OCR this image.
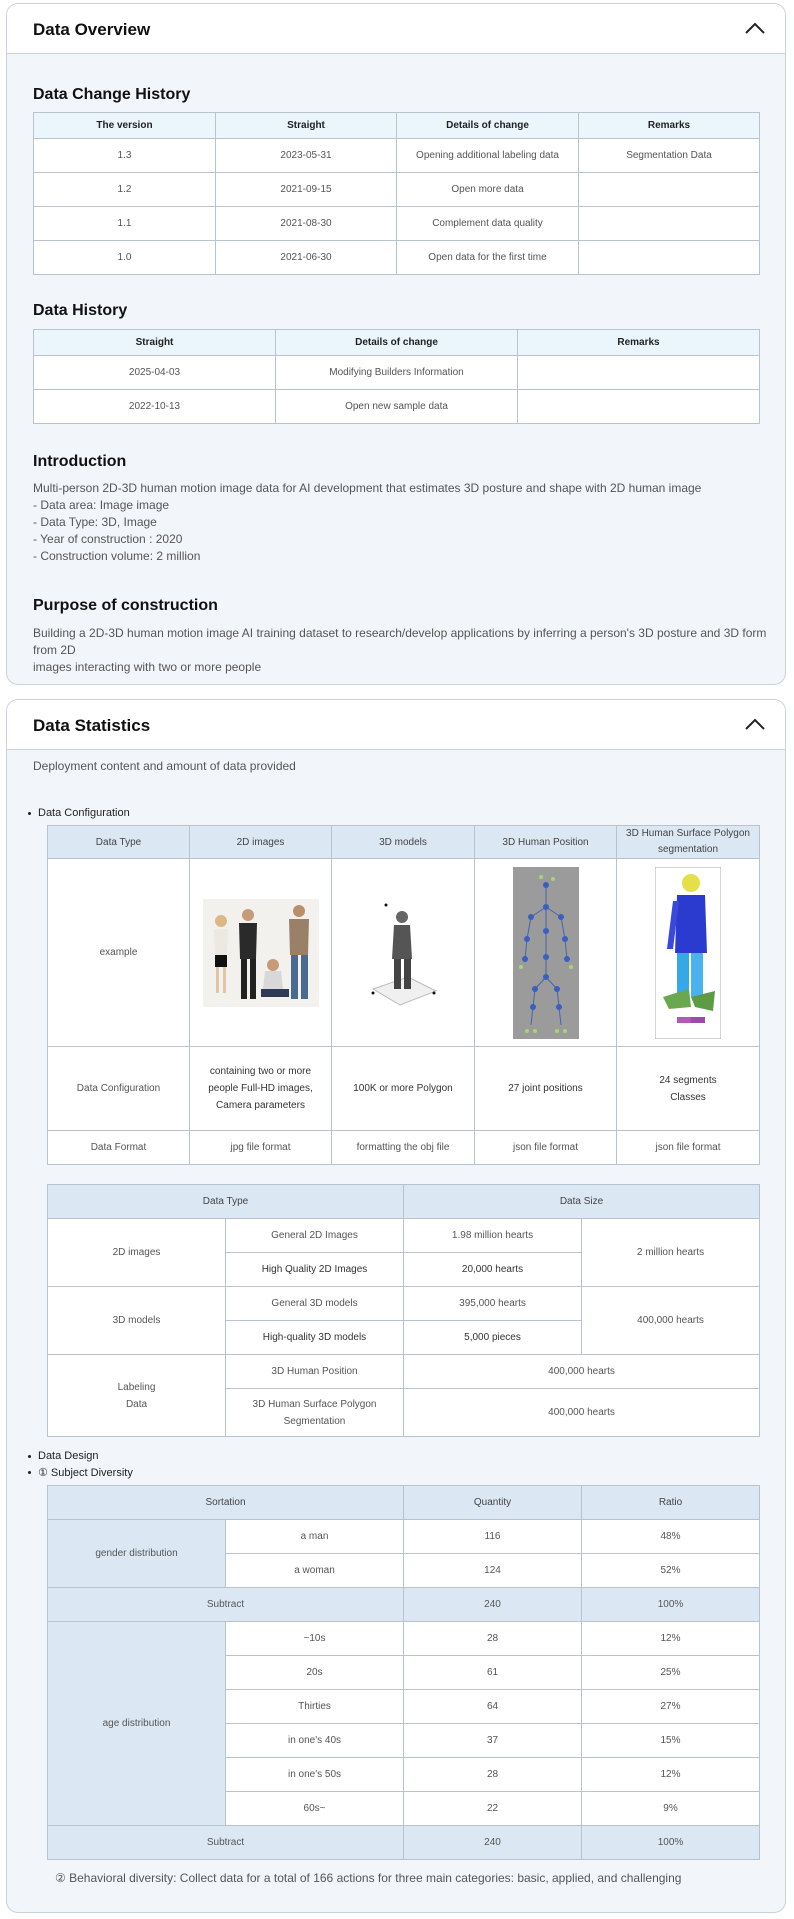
Data Overview
Data Change History
The version	Straight	Details of change	Remarks
1.3	2023-05-31	Opening additional labeling data	Segmentation Data
1.2	2021-09-15	Open more data	
1.1	2021-08-30	Complement data quality	
1.0	2021-06-30	Open data for the first time	
Data History
Straight	Details of change	Remarks
2025-04-03	Modifying Builders Information	
2022-10-13	Open new sample data	
Introduction
Multi-person 2D-3D human motion image data for AI development that estimates 3D posture and shape with 2D human image
- Data area: Image image
- Data Type: 3D, Image
- Year of construction : 2020
- Construction volume: 2 million
Purpose of construction
Building a 2D-3D human motion image AI training dataset to research/develop applications by inferring a person's 3D posture and 3D form from 2D
images interacting with two or more people
Data Statistics
Deployment content and amount of data provided
Data Configuration
Data Type	2D images	3D models	3D Human Position	3D Human Surface Polygon segmentation
example	

Data Configuration	containing two or more people Full-HD images, Camera parameters	100K or more Polygon	27 joint positions	24 segments Classes
Data Format	jpg file format	formatting the obj file	json file format	json file format
Data Type		Data Size	
2D images	General 2D Images	1.98 million hearts	2 million hearts
	High Quality 2D Images	20,000 hearts	
3D models	General 3D models	395,000 hearts	400,000 hearts
	High-quality 3D models	5,000 pieces	
Labeling Data	3D Human Position	400,000 hearts	
	3D Human Surface Polygon Segmentation	400,000 hearts	
Data Design
① Subject Diversity
Sortation		Quantity	Ratio
gender distribution	a man	116	48%
	a woman	124	52%
Subtract		240	100%
age distribution	~10s	28	12%
	20s	61	25%
	Thirties	64	27%
	in one's 40s	37	15%
	in one's 50s	28	12%
	60s~	22	9%
Subtract		240	100%
② Behavioral diversity: Collect data for a total of 166 actions for three main categories: basic, applied, and challenging
